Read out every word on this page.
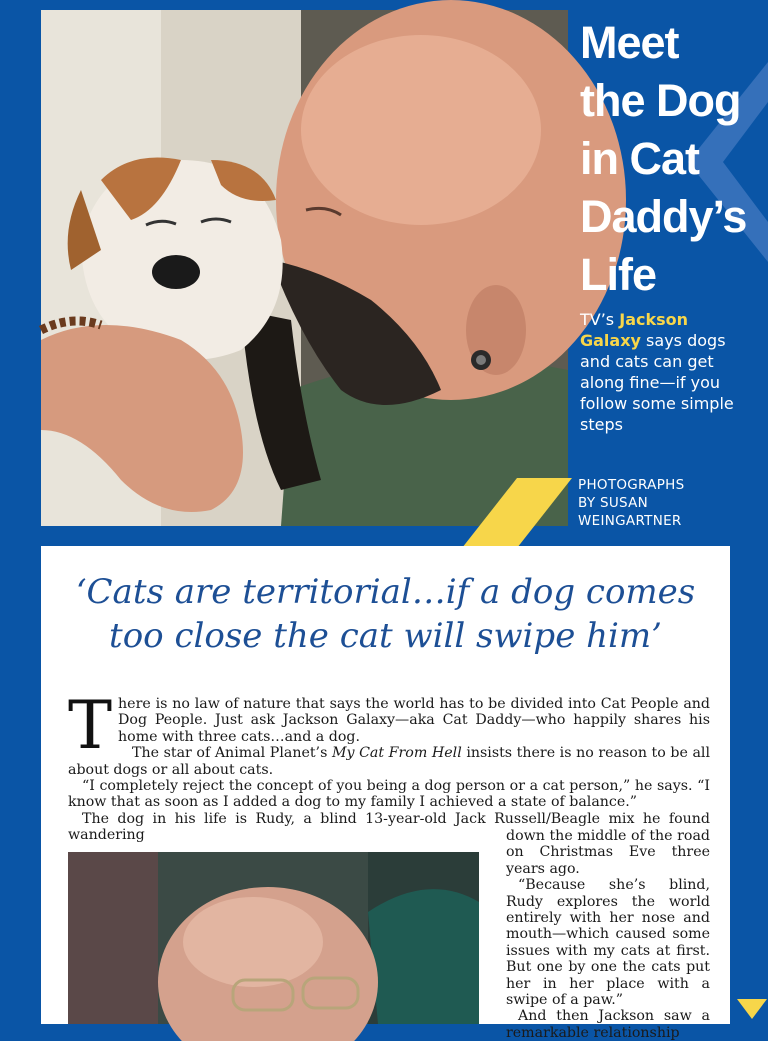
Meet
the Dog
in Cat
Daddy’s
Life
TV’s Jackson Galaxy says dogs and cats can get along fine—if you follow some simple steps
PHOTOGRAPHS
BY SUSAN
WEINGARTNER
‘Cats are territorial…if a dog comes
too close the cat will swipe him’
T here is no law of nature that says the world has to be divided into Cat People and Dog People. Just ask Jackson Galaxy—aka Cat Daddy—who happily shares his home with three cats…and a dog.

The star of Animal Planet’s My Cat From Hell insists there is no reason to be all about dogs or all about cats.

“I completely reject the concept of you being a dog person or a cat person,” he says. “I know that as soon as I added a dog to my family I achieved a state of balance.”

The dog in his life is Rudy, a blind 13-year-old Jack Russell/Beagle mix he found wandering	down the middle of the road on Christmas Eve three years ago.

“Because she’s blind, Rudy explores the world entirely with her nose and mouth—which caused some issues with my cats at first. But one by one the cats put her in her place with a swipe of a paw.”

And then Jackson saw a remarkable relationship
